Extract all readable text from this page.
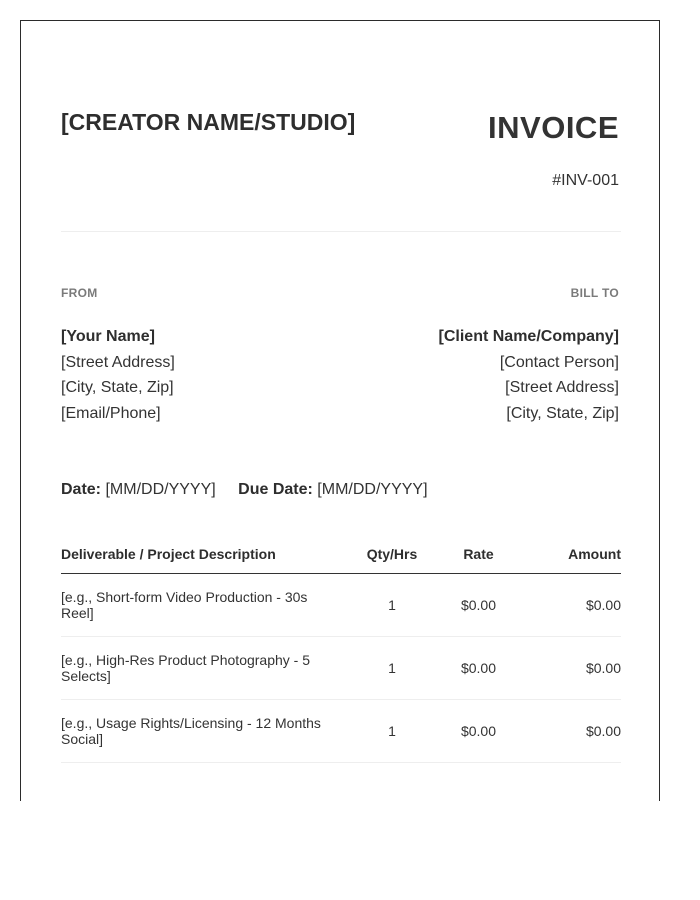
[CREATOR NAME/STUDIO]	INVOICE
#INV-001
FROM
[Your Name]
[Street Address]
[City, State, Zip]
[Email/Phone]
BILL TO
[Client Name/Company]
[Contact Person]
[Street Address]
[City, State, Zip]
Date: [MM/DD/YYYY] Due Date: [MM/DD/YYYY]
Deliverable / Project Description	Qty/Hrs	Rate	Amount
[e.g., Short-form Video Production - 30s Reel]	1	$0.00	$0.00
[e.g., High-Res Product Photography - 5 Selects]	1	$0.00	$0.00
[e.g., Usage Rights/Licensing - 12 Months Social]	1	$0.00	$0.00
